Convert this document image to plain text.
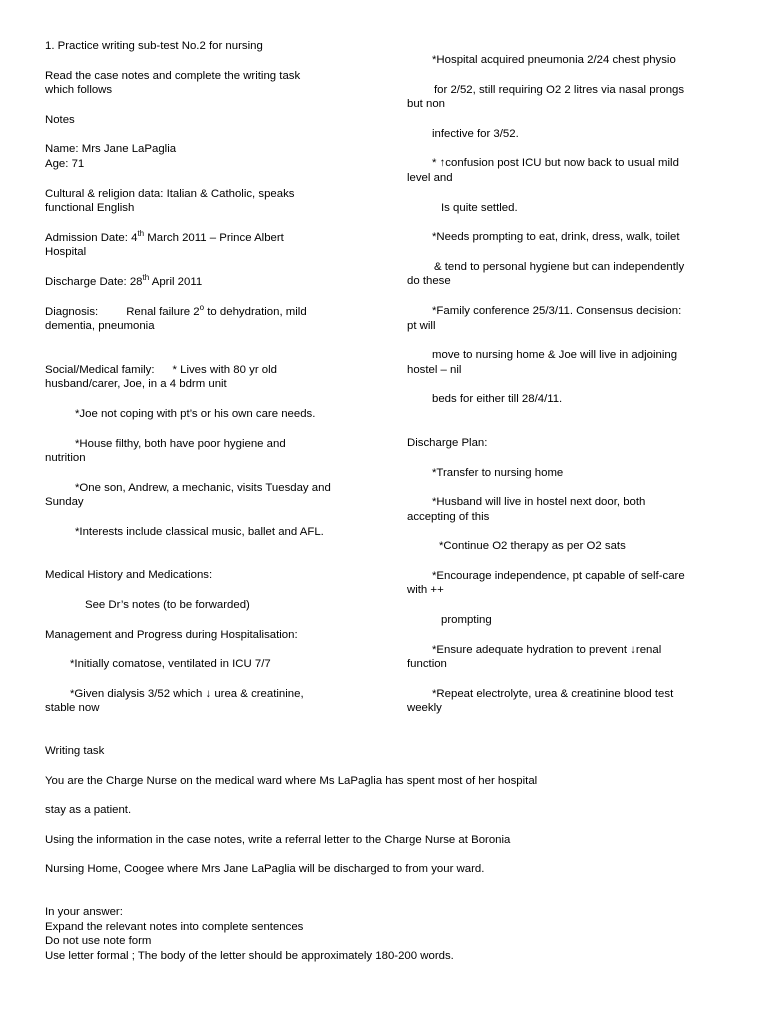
1. Practice writing sub-test No.2 for nursing
Read the case notes and complete the writing task
which follows
Notes
Name: Mrs Jane LaPaglia
Age: 71
Cultural & religion data: Italian & Catholic, speaks
functional English
Admission Date: 4th March 2011 – Prince Albert
Hospital
Discharge Date: 28th April 2011
Diagnosis: Renal failure 2$^o$ to dehydration, mild
dementia, pneumonia
Social/Medical family: * Lives with 80 yr old
husband/carer, Joe, in a 4 bdrm unit
*Joe not coping with pt’s or his own care needs.
*House filthy, both have poor hygiene and
nutrition
*One son, Andrew, a mechanic, visits Tuesday and
Sunday
*Interests include classical music, ballet and AFL.
Medical History and Medications:
See Dr’s notes (to be forwarded)
Management and Progress during Hospitalisation:
*Initially comatose, ventilated in ICU 7/7
*Given dialysis 3/52 which ↓ urea & creatinine,
stable now
*Hospital acquired pneumonia 2/24 chest physio
for 2/52, still requiring O2 2 litres via nasal prongs
but non
infective for 3/52.
* ↑confusion post ICU but now back to usual mild
level and
Is quite settled.
*Needs prompting to eat, drink, dress, walk, toilet
& tend to personal hygiene but can independently
do these
*Family conference 25/3/11. Consensus decision:
pt will
move to nursing home & Joe will live in adjoining
hostel – nil
beds for either till 28/4/11.
Discharge Plan:
*Transfer to nursing home
*Husband will live in hostel next door, both
accepting of this
*Continue O2 therapy as per O2 sats
*Encourage independence, pt capable of self-care
with ++
prompting
*Ensure adequate hydration to prevent ↓renal
function
*Repeat electrolyte, urea & creatinine blood test
weekly
Writing task
You are the Charge Nurse on the medical ward where Ms LaPaglia has spent most of her hospital
stay as a patient.
Using the information in the case notes, write a referral letter to the Charge Nurse at Boronia
Nursing Home, Coogee where Mrs Jane LaPaglia will be discharged to from your ward.
In your answer:
Expand the relevant notes into complete sentences
Do not use note form
Use letter formal ; The body of the letter should be approximately 180-200 words.
